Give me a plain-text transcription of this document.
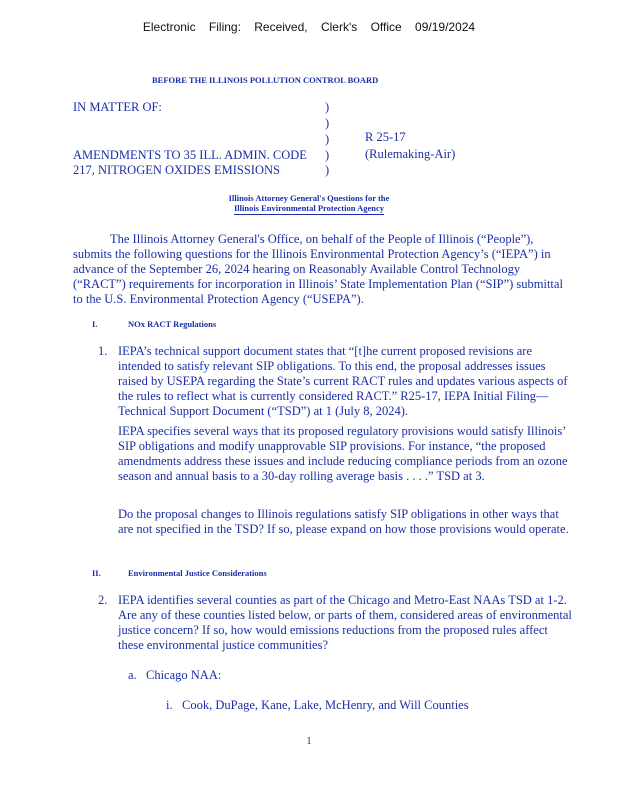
Electronic Filing: Received, Clerk's Office 09/19/2024
BEFORE THE ILLINOIS POLLUTION CONTROL BOARD
IN MATTER OF:
AMENDMENTS TO 35 ILL. ADMIN. CODE
217, NITROGEN OXIDES EMISSIONS
)
)
)
)
)
R 25-17
(Rulemaking-Air)
Illinois Attorney General's Questions for the
Illinois Environmental Protection Agency

The Illinois Attorney General's Office, on behalf of the People of Illinois (“People”), submits the following questions for the Illinois Environmental Protection Agency’s (“IEPA”) in advance of the September 26, 2024 hearing on Reasonably Available Control Technology (“RACT”) requirements for incorporation in Illinois’ State Implementation Plan (“SIP”) submittal to the U.S. Environmental Protection Agency (“USEPA”).

I.	NOx RACT Regulations
1. IEPA’s technical support document states that “[t]he current proposed revisions are intended to satisfy relevant SIP obligations. To this end, the proposal addresses issues raised by USEPA regarding the State’s current RACT rules and updates various aspects of the rules to reflect what is currently considered RACT.” R25-17, IEPA Initial Filing—Technical Support Document (“TSD”) at 1 (July 8, 2024).

IEPA specifies several ways that its proposed regulatory provisions would satisfy Illinois’ SIP obligations and modify unapprovable SIP provisions. For instance, “the proposed amendments address these issues and include reducing compliance periods from an ozone season and annual basis to a 30-day rolling average basis . . . .” TSD at 3.

Do the proposal changes to Illinois regulations satisfy SIP obligations in other ways that are not specified in the TSD? If so, please expand on how those provisions would operate.

II.	Environmental Justice Considerations
2. IEPA identifies several counties as part of the Chicago and Metro-East NAAs TSD at 1-2. Are any of these counties listed below, or parts of them, considered areas of environmental justice concern? If so, how would emissions reductions from the proposed rules affect these environmental justice communities?

a. Chicago NAA:
i. Cook, DuPage, Kane, Lake, McHenry, and Will Counties
1
